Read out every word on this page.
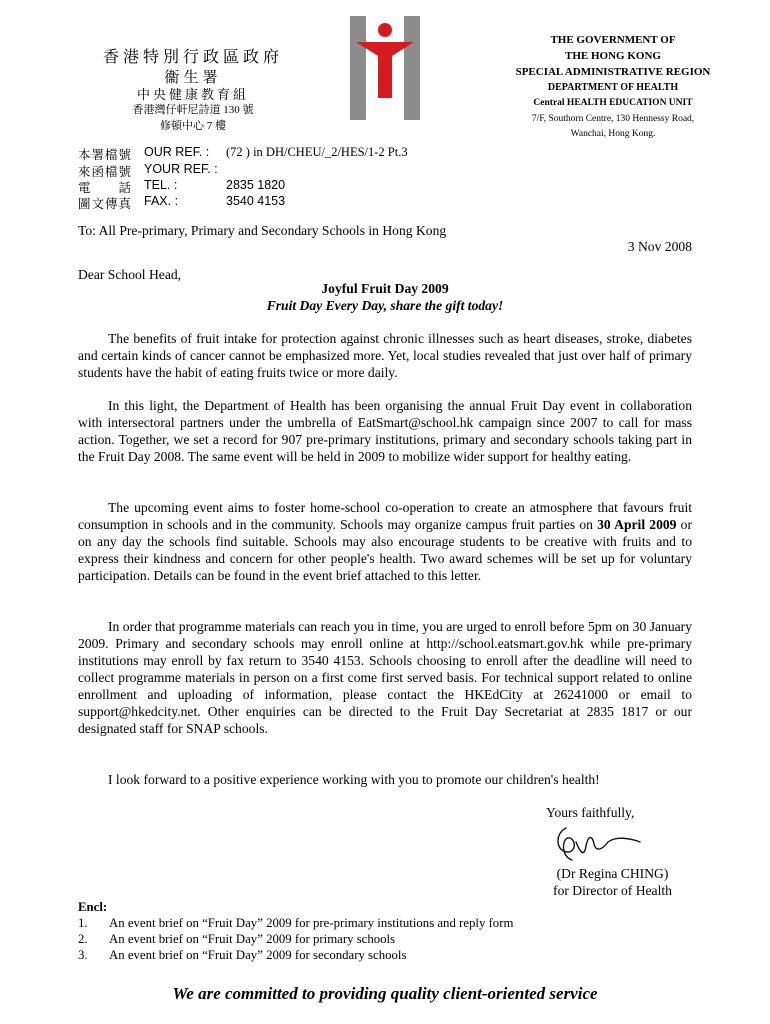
香港特別行政區政府
衞生署
中央健康教育組
香港灣仔軒尼詩道 130 號
修頓中心 7 樓
THE GOVERNMENT OF
THE HONG KONG
SPECIAL ADMINISTRATIVE REGION
DEPARTMENT OF HEALTH
Central HEALTH EDUCATION UNIT
7/F, Southorn Centre, 130 Hennessy Road,
Wanchai, Hong Kong.
本署檔號 OUR REF. :	(72 ) in DH/CHEU/_2/HES/1-2 Pt.3
來函檔號 YOUR REF. :
電　　話 TEL. :	2835 1820
圖文傳真 FAX. :	3540 4153
To: All Pre-primary, Primary and Secondary Schools in Hong Kong
3 Nov 2008
Dear School Head,
Joyful Fruit Day 2009
Fruit Day Every Day, share the gift today!

The benefits of fruit intake for protection against chronic illnesses such as heart diseases, stroke, diabetes and certain kinds of cancer cannot be emphasized more. Yet, local studies revealed that just over half of primary students have the habit of eating fruits twice or more daily.

In this light, the Department of Health has been organising the annual Fruit Day event in collaboration with intersectoral partners under the umbrella of EatSmart@school.hk campaign since 2007 to call for mass action. Together, we set a record for 907 pre-primary institutions, primary and secondary schools taking part in the Fruit Day 2008. The same event will be held in 2009 to mobilize wider support for healthy eating.

The upcoming event aims to foster home-school co-operation to create an atmosphere that favours fruit consumption in schools and in the community. Schools may organize campus fruit parties on 30 April 2009 or on any day the schools find suitable. Schools may also encourage students to be creative with fruits and to express their kindness and concern for other people's health. Two award schemes will be set up for voluntary participation. Details can be found in the event brief attached to this letter.

In order that programme materials can reach you in time, you are urged to enroll before 5pm on 30 January 2009. Primary and secondary schools may enroll online at http://school.eatsmart.gov.hk while pre-primary institutions may enroll by fax return to 3540 4153. Schools choosing to enroll after the deadline will need to collect programme materials in person on a first come first served basis. For technical support related to online enrollment and uploading of information, please contact the HKEdCity at 26241000 or email to support@hkedcity.net. Other enquiries can be directed to the Fruit Day Secretariat at 2835 1817 or our designated staff for SNAP schools.

I look forward to a positive experience working with you to promote our children's health!

Yours faithfully,
(Dr Regina CHING)
for Director of Health
Encl:
1.	An event brief on “Fruit Day” 2009 for pre-primary institutions and reply form
2.	An event brief on “Fruit Day” 2009 for primary schools
3.	An event brief on “Fruit Day” 2009 for secondary schools
We are committed to providing quality client-oriented service
